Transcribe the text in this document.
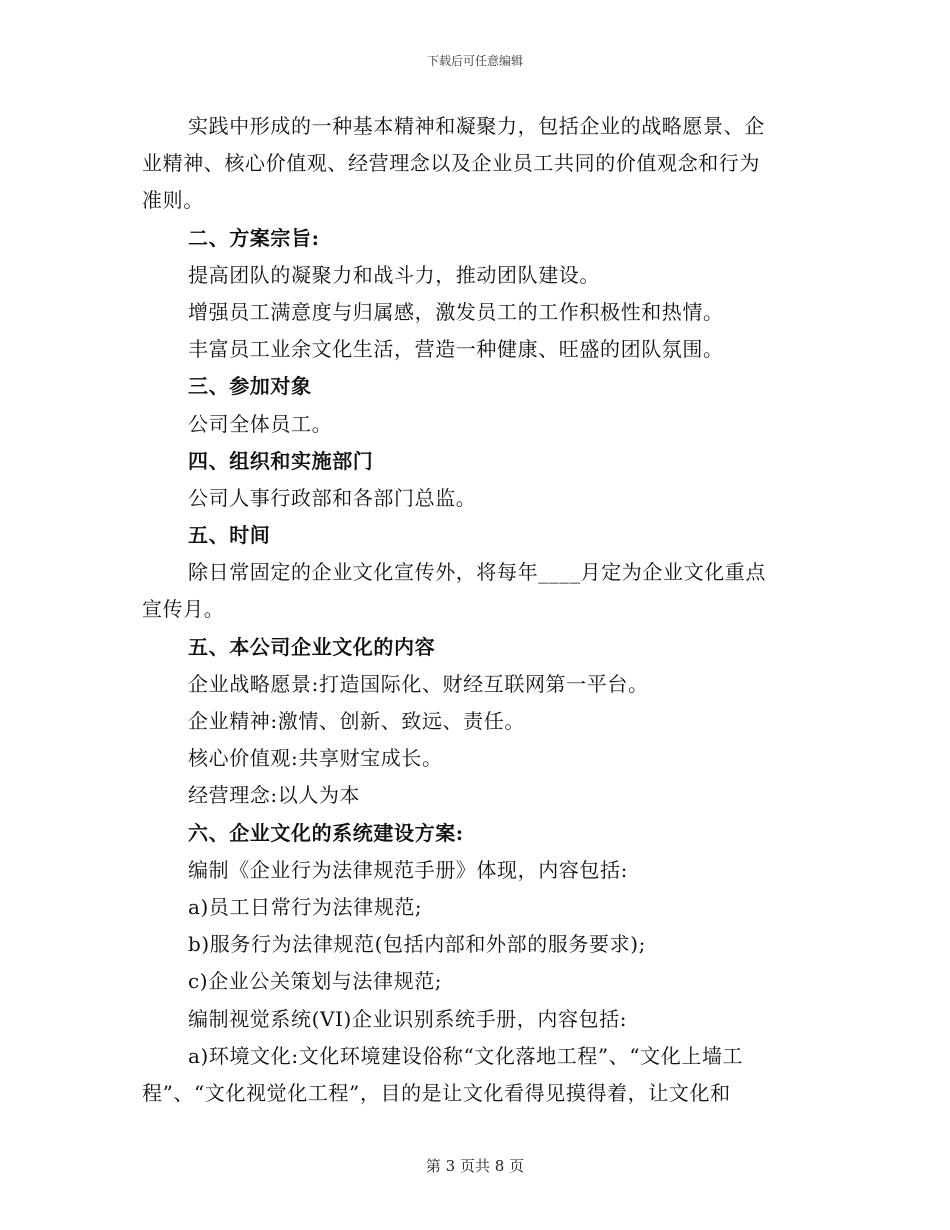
下载后可任意编辑

实践中形成的一种基本精神和凝聚力，包括企业的战略愿景、企

业精神、核心价值观、经营理念以及企业员工共同的价值观念和行为

准则。

二、方案宗旨:

提高团队的凝聚力和战斗力，推动团队建设。

增强员工满意度与归属感，激发员工的工作积极性和热情。

丰富员工业余文化生活，营造一种健康、旺盛的团队氛围。

三、参加对象

公司全体员工。

四、组织和实施部门

公司人事行政部和各部门总监。

五、时间

除日常固定的企业文化宣传外，将每年____月定为企业文化重点

宣传月。

五、本公司企业文化的内容

企业战略愿景:打造国际化、财经互联网第一平台。

企业精神:激情、创新、致远、责任。

核心价值观:共享财宝成长。

经营理念:以人为本

六、企业文化的系统建设方案:

编制《企业行为法律规范手册》体现，内容包括:

a)员工日常行为法律规范;

b)服务行为法律规范(包括内部和外部的服务要求);

c)企业公关策划与法律规范;

编制视觉系统(VI)企业识别系统手册，内容包括:

a)环境文化:文化环境建设俗称“文化落地工程”、“文化上墙工

程”、“文化视觉化工程”，目的是让文化看得见摸得着，让文化和

第 3 页共 8 页
